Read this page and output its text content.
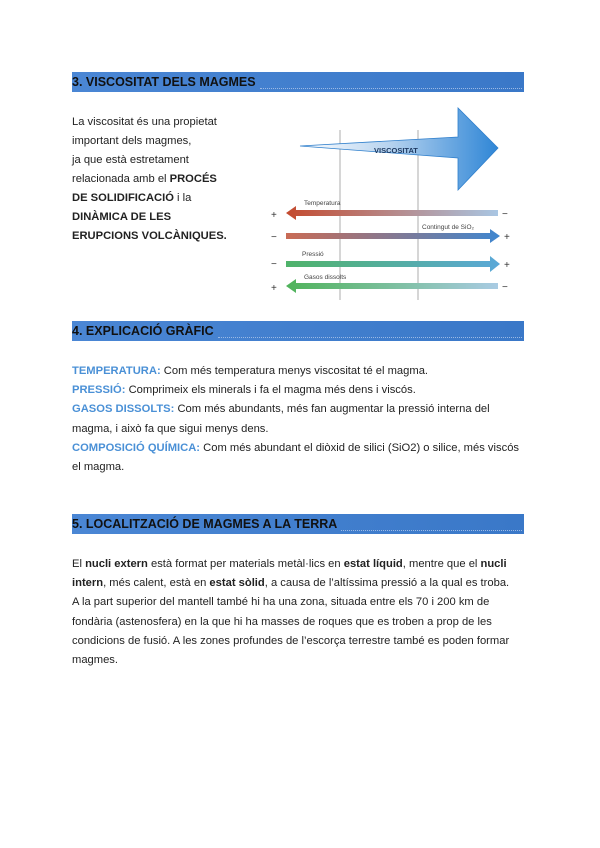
3. VISCOSITAT DELS MAGMES
La viscositat és una propietat
important dels magmes,
ja que està estretament
relacionada amb el PROCÉS
DE SOLIDIFICACIÓ i la
DINÀMICA DE LES
ERUPCIONS VOLCÀNIQUES.
VISCOSITAT
+
Temperatura
−
−
Contingut de SiO₂
+
−
Pressió
+
+
Gasos dissolts
−
4. EXPLICACIÓ GRÀFIC

TEMPERATURA: Com més temperatura menys viscositat té el magma.

PRESSIÓ: Comprimeix els minerals i fa el magma més dens i viscós.

GASOS DISSOLTS: Com més abundants, més fan augmentar la pressió interna del magma, i això fa que sigui menys dens.

COMPOSICIÓ QUÍMICA: Com més abundant el diòxid de silici (SiO2) o silice, més viscós el magma.

5. LOCALITZACIÓ DE MAGMES A LA TERRA

El nucli extern està format per materials metàl·lics en estat líquid, mentre que el nucli intern, més calent, està en estat sòlid, a causa de l’altíssima pressió a la qual es troba.

A la part superior del mantell també hi ha una zona, situada entre els 70 i 200 km de fondària (astenosfera) en la que hi ha masses de roques que es troben a prop de les condicions de fusió. A les zones profundes de l’escorça terrestre també es poden formar magmes.
